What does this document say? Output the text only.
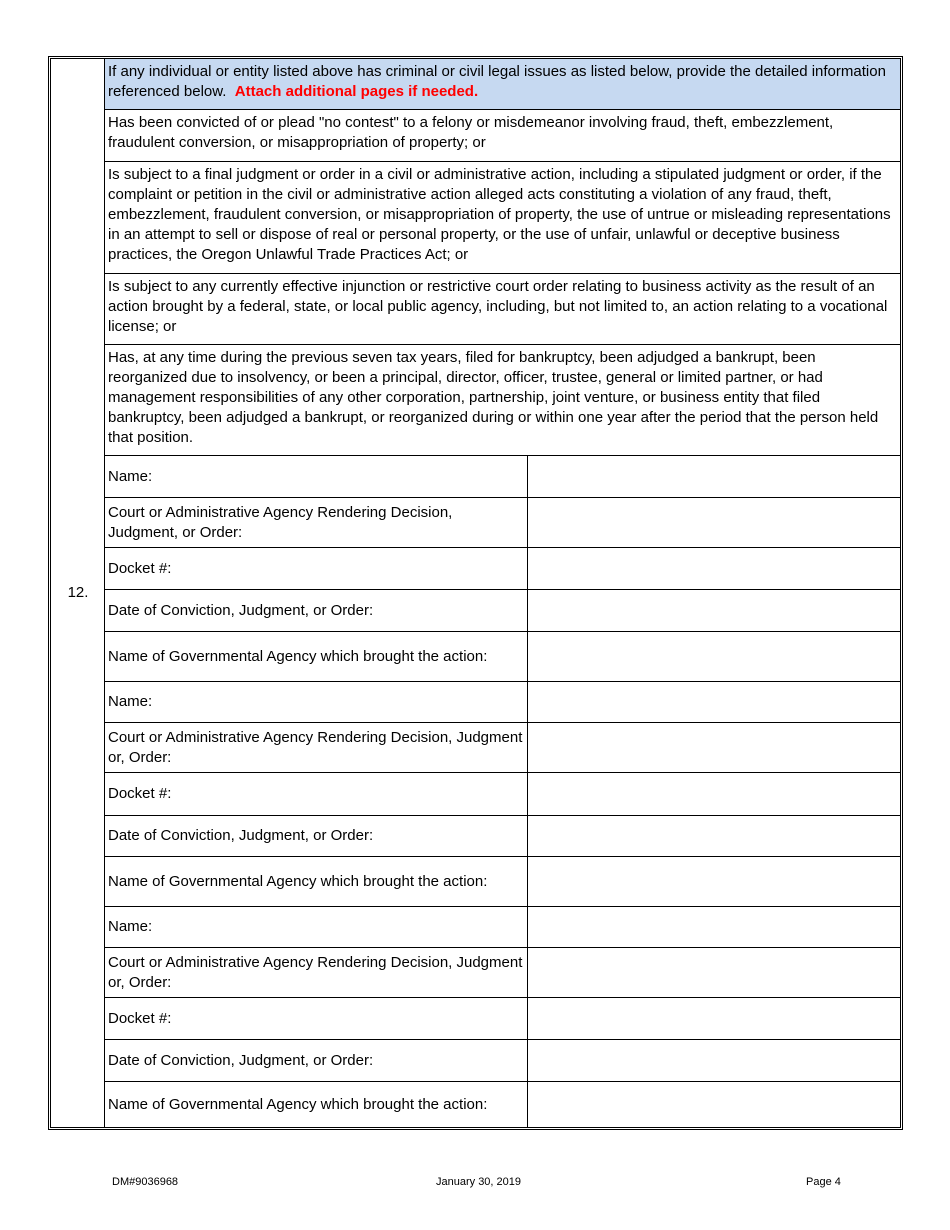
12.
If any individual or entity listed above has criminal or civil legal issues as listed below, provide the detailed information referenced below. Attach additional pages if needed.
Has been convicted of or plead "no contest" to a felony or misdemeanor involving fraud, theft, embezzlement, fraudulent conversion, or misappropriation of property; or
Is subject to a final judgment or order in a civil or administrative action, including a stipulated judgment or order, if the complaint or petition in the civil or administrative action alleged acts constituting a violation of any fraud, theft, embezzlement, fraudulent conversion, or misappropriation of property, the use of untrue or misleading representations in an attempt to sell or dispose of real or personal property, or the use of unfair, unlawful or deceptive business practices, the Oregon Unlawful Trade Practices Act; or
Is subject to any currently effective injunction or restrictive court order relating to business activity as the result of an action brought by a federal, state, or local public agency, including, but not limited to, an action relating to a vocational license; or
Has, at any time during the previous seven tax years, filed for bankruptcy, been adjudged a bankrupt, been reorganized due to insolvency, or been a principal, director, officer, trustee, general or limited partner, or had management responsibilities of any other corporation, partnership, joint venture, or business entity that filed bankruptcy, been adjudged a bankrupt, or reorganized during or within one year after the period that the person held that position.
Name:
Court or Administrative Agency Rendering Decision, Judgment, or Order:
Docket #:
Date of Conviction, Judgment, or Order:
Name of Governmental Agency which brought the action:
Name:
Court or Administrative Agency Rendering Decision, Judgment or, Order:
Docket #:
Date of Conviction, Judgment, or Order:
Name of Governmental Agency which brought the action:
Name:
Court or Administrative Agency Rendering Decision, Judgment or, Order:
Docket #:
Date of Conviction, Judgment, or Order:
Name of Governmental Agency which brought the action:
DM#9036968	January 30, 2019	Page 4
